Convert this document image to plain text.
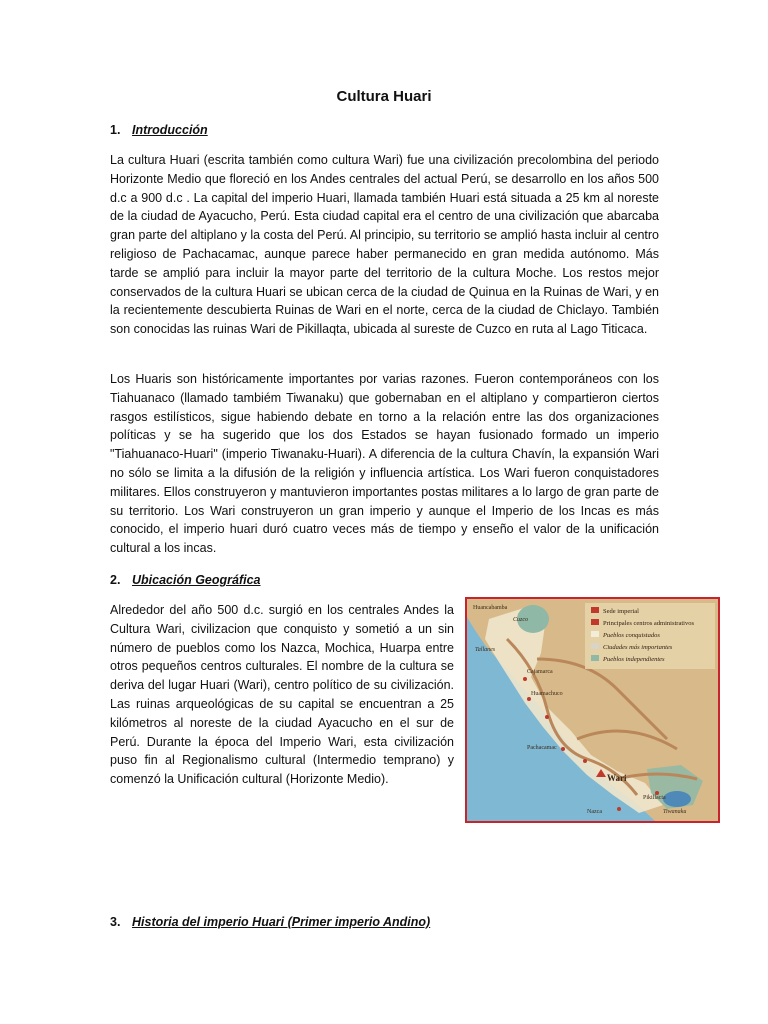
Cultura Huari
1. Introducción

La cultura Huari (escrita también como cultura Wari) fue una civilización precolombina del periodo Horizonte Medio que floreció en los Andes centrales del actual Perú, se desarrollo en los años 500 d.c a 900 d.c . La capital del imperio Huari, llamada también Huari está situada a 25 km al noreste de la ciudad de Ayacucho, Perú. Esta ciudad capital era el centro de una civilización que abarcaba gran parte del altiplano y la costa del Perú. Al principio, su territorio se amplió hasta incluir al centro religioso de Pachacamac, aunque parece haber permanecido en gran medida autónomo. Más tarde se amplió para incluir la mayor parte del territorio de la cultura Moche. Los restos mejor conservados de la cultura Huari se ubican cerca de la ciudad de Quinua en la Ruinas de Wari, y en la recientemente descubierta Ruinas de Wari en el norte, cerca de la ciudad de Chiclayo. También son conocidas las ruinas Wari de Pikillaqta, ubicada al sureste de Cuzco en ruta al Lago Titicaca.

Los Huaris son históricamente importantes por varias razones. Fueron contemporáneos con los Tiahuanaco (llamado tambiém Tiwanaku) que gobernaban en el altiplano y compartieron ciertos rasgos estilísticos, sigue habiendo debate en torno a la relación entre las dos organizaciones políticas y se ha sugerido que los dos Estados se hayan fusionado formado un imperio "Tiahuanaco-Huari" (imperio Tiwanaku-Huari). A diferencia de la cultura Chavín, la expansión Wari no sólo se limita a la difusión de la religión y influencia artística. Los Wari fueron conquistadores militares. Ellos construyeron y mantuvieron importantes postas militares a lo largo de gran parte de su territorio. Los Wari construyeron un gran imperio y aunque el Imperio de los Incas es más conocido, el imperio huari duró cuatro veces más de tiempo y enseño el valor de la unificación cultural a los incas.

2. Ubicación Geográfica

Alrededor del año 500 d.c. surgió en los centrales Andes la Cultura Wari, civilizacion que conquisto y sometió a un sin número de pueblos como los Nazca, Mochica, Huarpa entre otros pequeños centros culturales. El nombre de la cultura se deriva del lugar Huari (Wari), centro político de su civilización. Las ruinas arqueológicas de su capital se encuentran a 25 kilómetros al noreste de la ciudad Ayacucho en el sur de Perú. Durante la época del Imperio Wari, esta civilización puso fin al Regionalismo cultural (Intermedio temprano) y comenzó la Unificación cultural (Horizonte Medio).

Sede imperial
Principales centros administrativos
Pueblos conquistados
Ciudades más importantes
Pueblos independientes
Huancabamba
Cuzco
Tallanes
Cajamarca
Huamachuco
Pachacamac
Wari
Pikillacta
Tiwanaku
Nazca
3. Historia del imperio Huari (Primer imperio Andino)
